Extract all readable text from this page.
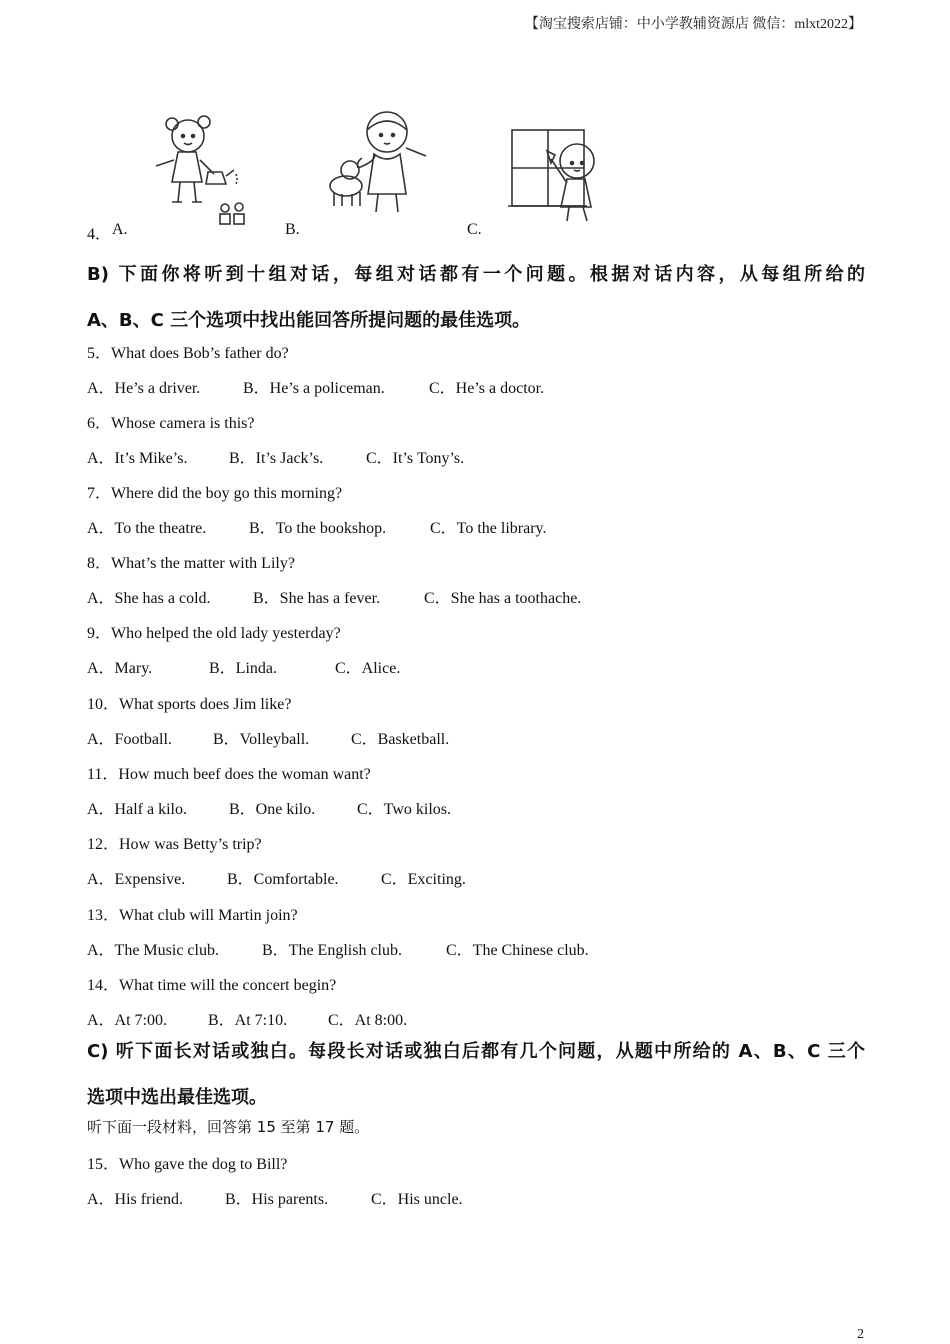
【淘宝搜索店铺：中小学教辅资源店 微信：mlxt2022】
4． A.	B.	C.
B) 下面你将听到十组对话，每组对话都有一个问题。根据对话内容，从每组所给的
A、B、C 三个选项中找出能回答所提问题的最佳选项。
5．What does Bob’s father do?
A．He’s a driver.	B．He’s a policeman.	C．He’s a doctor.
6．Whose camera is this?
A．It’s Mike’s.	B．It’s Jack’s.	C．It’s Tony’s.
7．Where did the boy go this morning?
A．To the theatre.	B．To the bookshop.	C．To the library.
8．What’s the matter with Lily?
A．She has a cold.	B．She has a fever.	C．She has a toothache.
9．Who helped the old lady yesterday?
A．Mary.	B．Linda.	C．Alice.
10．What sports does Jim like?
A．Football.	B．Volleyball.	C．Basketball.
11．How much beef does the woman want?
A．Half a kilo.	B．One kilo.	C．Two kilos.
12．How was Betty’s trip?
A．Expensive.	B．Comfortable.	C．Exciting.
13．What club will Martin join?
A．The Music club.	B．The English club.	C．The Chinese club.
14．What time will the concert begin?
A．At 7:00.	B．At 7:10.	C．At 8:00.
C) 听下面长对话或独白。每段长对话或独白后都有几个问题，从题中所给的 A、B、C 三个
选项中选出最佳选项。
听下面一段材料，回答第 15 至第 17 题。
15．Who gave the dog to Bill?
A．His friend.	B．His parents.	C．His uncle.
2
